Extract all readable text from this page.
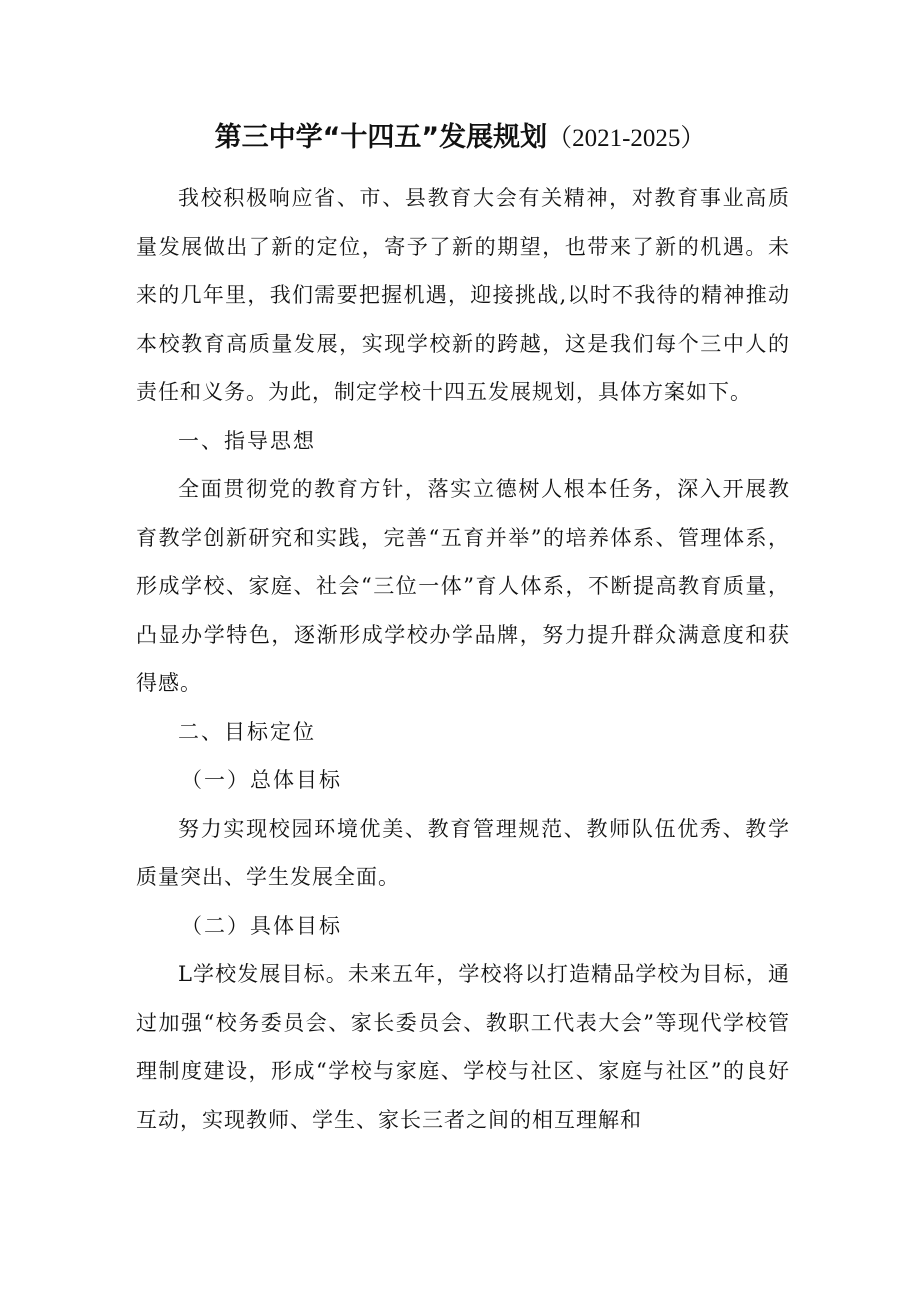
第三中学“十四五”发展规划（2021-2025）

我校积极响应省、市、县教育大会有关精神，对教育事业高质量发展做出了新的定位，寄予了新的期望，也带来了新的机遇。未来的几年里，我们需要把握机遇，迎接挑战,以时不我待的精神推动本校教育高质量发展，实现学校新的跨越，这是我们每个三中人的责任和义务。为此，制定学校十四五发展规划，具体方案如下。

一、指导思想

全面贯彻党的教育方针，落实立德树人根本任务，深入开展教育教学创新研究和实践，完善“五育并举”的培养体系、管理体系，形成学校、家庭、社会“三位一体”育人体系，不断提高教育质量，凸显办学特色，逐渐形成学校办学品牌，努力提升群众满意度和获得感。

二、目标定位

（一）总体目标

努力实现校园环境优美、教育管理规范、教师队伍优秀、教学质量突出、学生发展全面。

（二）具体目标

L学校发展目标。未来五年，学校将以打造精品学校为目标，通过加强“校务委员会、家长委员会、教职工代表大会”等现代学校管理制度建设，形成“学校与家庭、学校与社区、家庭与社区”的良好互动，实现教师、学生、家长三者之间的相互理解和
